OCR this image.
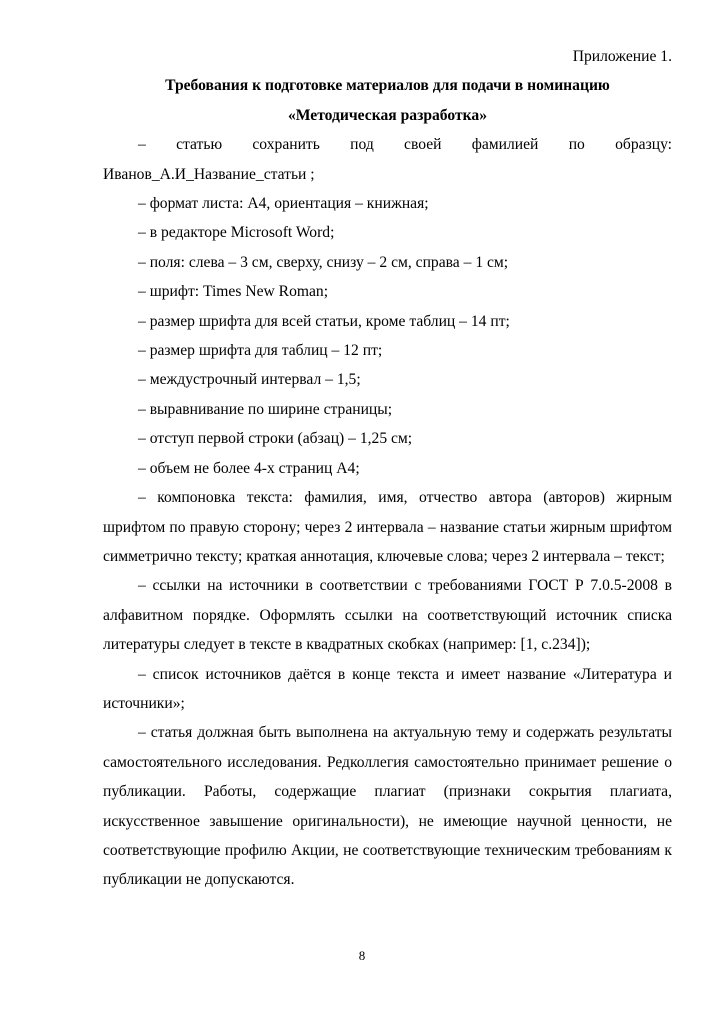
Приложение 1.
Требования к подготовке материалов для подачи в номинацию
«Методическая разработка»

– статью сохранить под своей фамилией по образцу:

Иванов_А.И_Название_статьи ;

– формат листа: А4, ориентация – книжная;

– в редакторе Microsoft Word;

– поля: слева – 3 см, сверху, снизу – 2 см, справа – 1 см;

– шрифт: Times New Roman;

– размер шрифта для всей статьи, кроме таблиц – 14 пт;

– размер шрифта для таблиц – 12 пт;

– междустрочный интервал – 1,5;

– выравнивание по ширине страницы;

– отступ первой строки (абзац) – 1,25 см;

– объем не более 4-х страниц А4;

– компоновка текста: фамилия, имя, отчество автора (авторов) жирным шрифтом по правую сторону; через 2 интервала – название статьи жирным шрифтом симметрично тексту; краткая аннотация, ключевые слова; через 2 интервала – текст;

– ссылки на источники в соответствии с требованиями ГОСТ Р 7.0.5-2008 в алфавитном порядке. Оформлять ссылки на соответствующий источник списка литературы следует в тексте в квадратных скобках (например: [1, с.234]);

– список источников даётся в конце текста и имеет название «Литература и источники»;

– статья должная быть выполнена на актуальную тему и содержать результаты самостоятельного исследования. Редколлегия самостоятельно принимает решение о публикации. Работы, содержащие плагиат (признаки сокрытия плагиата, искусственное завышение оригинальности), не имеющие научной ценности, не соответствующие профилю Акции, не соответствующие техническим требованиям к публикации не допускаются.

8
